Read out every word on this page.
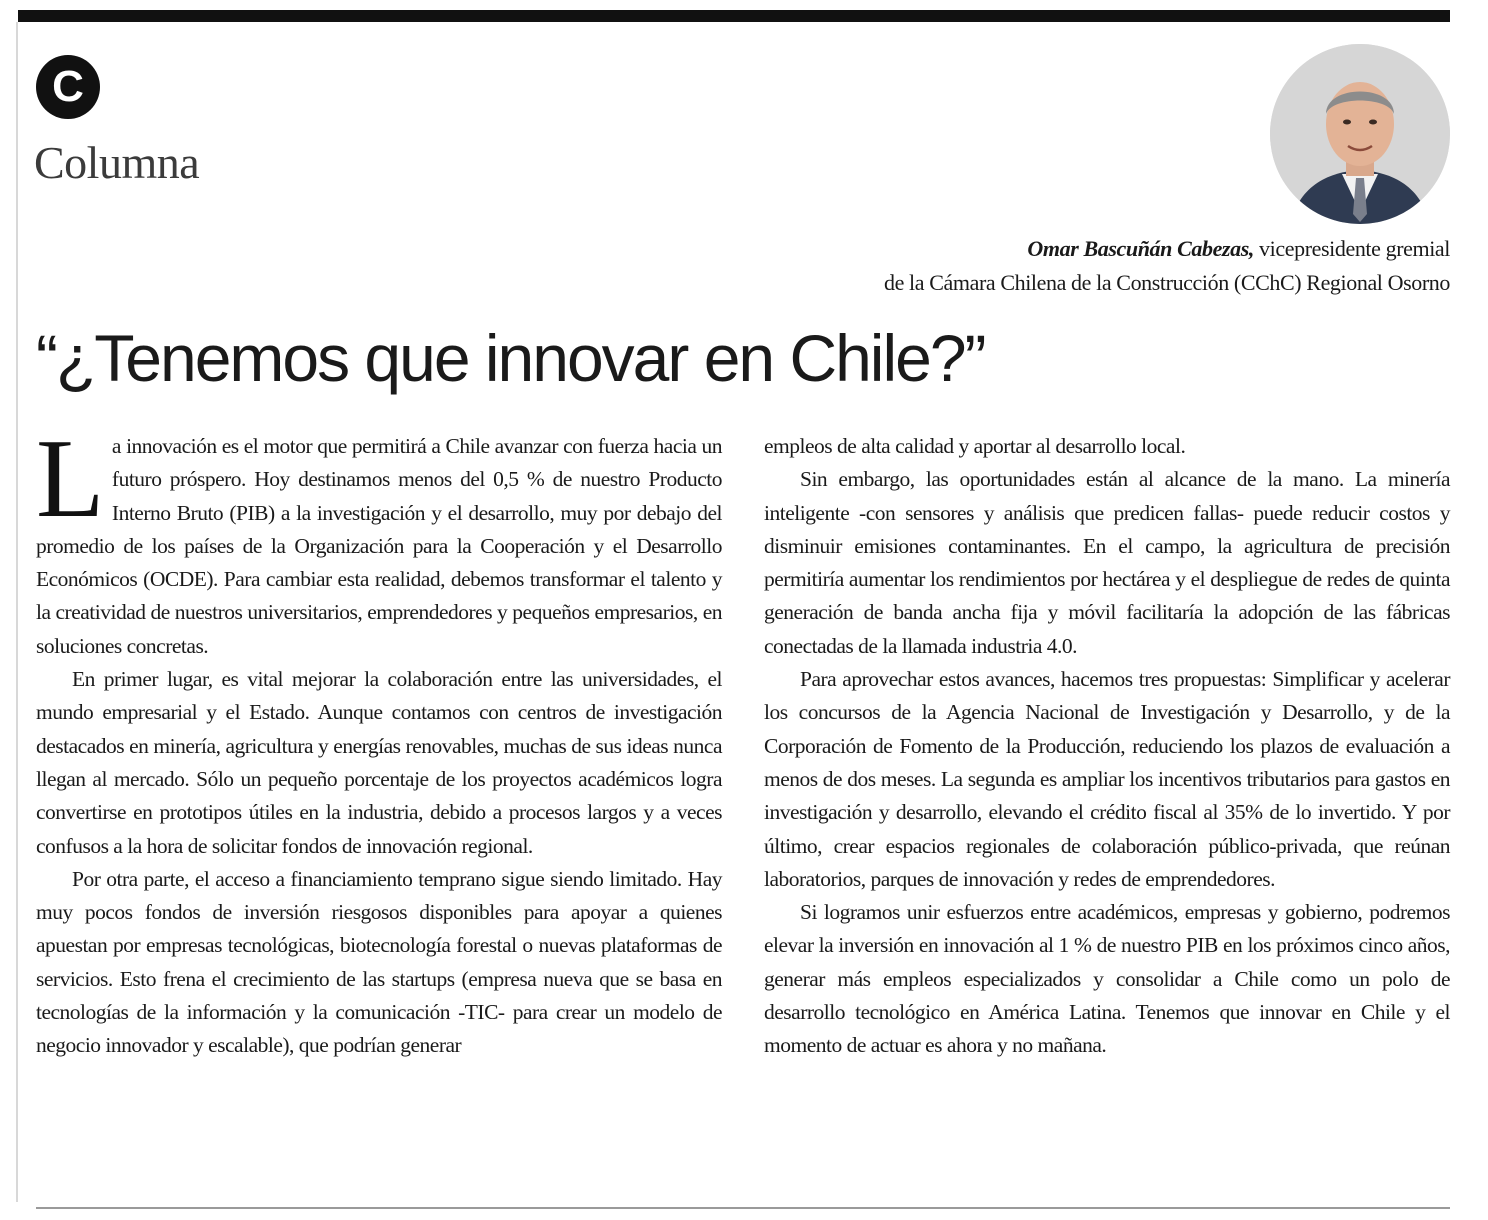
C
Columna
Omar Bascuñán Cabezas, vicepresidente gremial
de la Cámara Chilena de la Construcción (CChC) Regional Osorno
“¿Tenemos que innovar en Chile?”

La innovación es el motor que permitirá a Chile avanzar con fuerza hacia un futuro próspero. Hoy destinamos menos del 0,5 % de nuestro Producto Interno Bruto (PIB) a la investigación y el desarrollo, muy por debajo del promedio de los países de la Organización para la Cooperación y el Desarrollo Económicos (OCDE). Para cambiar esta realidad, debemos transformar el talento y la creatividad de nuestros universitarios, emprendedores y pequeños empresarios, en soluciones concretas.

En primer lugar, es vital mejorar la colaboración entre las universidades, el mundo empresarial y el Estado. Aunque contamos con centros de investigación destacados en minería, agricultura y energías renovables, muchas de sus ideas nunca llegan al mercado. Sólo un pequeño porcentaje de los proyectos académicos logra convertirse en prototipos útiles en la industria, debido a procesos largos y a veces confusos a la hora de solicitar fondos de innovación regional.

Por otra parte, el acceso a financiamiento temprano sigue siendo limitado. Hay muy pocos fondos de inversión riesgosos disponibles para apoyar a quienes apuestan por empresas tecnológicas, biotecnología forestal o nuevas plataformas de servicios. Esto frena el crecimiento de las startups (empresa nueva que se basa en tecnologías de la información y la comunicación -TIC- para crear un modelo de negocio innovador y escalable), que podrían generar

empleos de alta calidad y aportar al desarrollo local.

Sin embargo, las oportunidades están al alcance de la mano. La minería inteligente -con sensores y análisis que predicen fallas- puede reducir costos y disminuir emisiones contaminantes. En el campo, la agricultura de precisión permitiría aumentar los rendimientos por hectárea y el despliegue de redes de quinta generación de banda ancha fija y móvil facilitaría la adopción de las fábricas conectadas de la llamada industria 4.0.

Para aprovechar estos avances, hacemos tres propuestas: Simplificar y acelerar los concursos de la Agencia Nacional de Investigación y Desarrollo, y de la Corporación de Fomento de la Producción, reduciendo los plazos de evaluación a menos de dos meses. La segunda es ampliar los incentivos tributarios para gastos en investigación y desarrollo, elevando el crédito fiscal al 35% de lo invertido. Y por último, crear espacios regionales de colaboración público-privada, que reúnan laboratorios, parques de innovación y redes de emprendedores.

Si logramos unir esfuerzos entre académicos, empresas y gobierno, podremos elevar la inversión en innovación al 1 % de nuestro PIB en los próximos cinco años, generar más empleos especializados y consolidar a Chile como un polo de desarrollo tecnológico en América Latina. Tenemos que innovar en Chile y el momento de actuar es ahora y no mañana.
